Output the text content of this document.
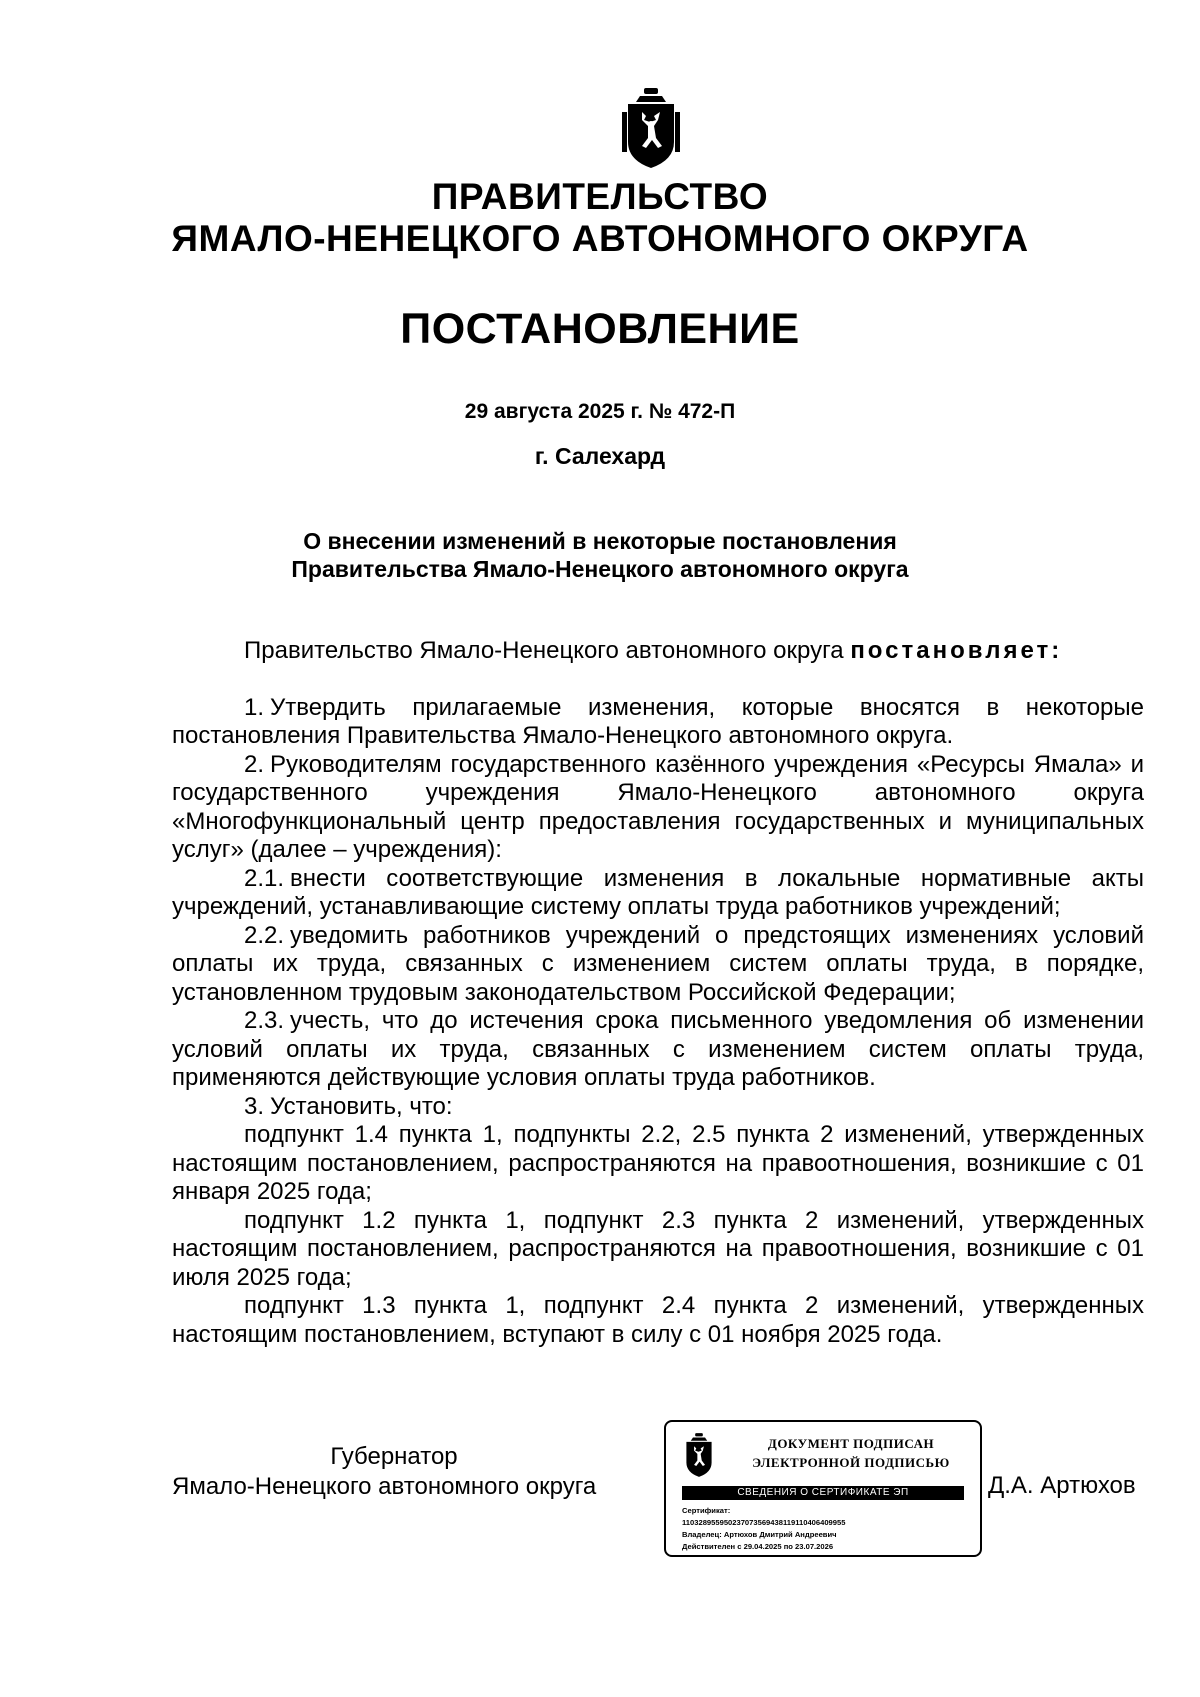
ПРАВИТЕЛЬСТВО
ЯМАЛО-НЕНЕЦКОГО АВТОНОМНОГО ОКРУГА
ПОСТАНОВЛЕНИЕ
29 августа 2025 г. № 472-П
г. Салехард
О внесении изменений в некоторые постановления
Правительства Ямало-Ненецкого автономного округа

Правительство Ямало-Ненецкого автономного округа постановляет:

1. Утвердить прилагаемые изменения, которые вносятся в некоторые постановления Правительства Ямало-Ненецкого автономного округа.

2. Руководителям государственного казённого учреждения «Ресурсы Ямала» и государственного учреждения Ямало-Ненецкого автономного округа «Многофункциональный центр предоставления государственных и муниципальных услуг» (далее – учреждения):

2.1. внести соответствующие изменения в локальные нормативные акты учреждений, устанавливающие систему оплаты труда работников учреждений;

2.2. уведомить работников учреждений о предстоящих изменениях условий оплаты их труда, связанных с изменением систем оплаты труда, в порядке, установленном трудовым законодательством Российской Федерации;

2.3. учесть, что до истечения срока письменного уведомления об изменении условий оплаты их труда, связанных с изменением систем оплаты труда, применяются действующие условия оплаты труда работников.

3. Установить, что:

подпункт 1.4 пункта 1, подпункты 2.2, 2.5 пункта 2 изменений, утвержденных настоящим постановлением, распространяются на правоотношения, возникшие с 01 января 2025 года;

подпункт 1.2 пункта 1, подпункт 2.3 пункта 2 изменений, утвержденных настоящим постановлением, распространяются на правоотношения, возникшие с 01 июля 2025 года;

подпункт 1.3 пункта 1, подпункт 2.4 пункта 2 изменений, утвержденных настоящим постановлением, вступают в силу с 01 ноября 2025 года.

Губернатор
Ямало-Ненецкого автономного округа
ДОКУМЕНТ ПОДПИСАН
ЭЛЕКТРОННОЙ ПОДПИСЬЮ
СВЕДЕНИЯ О СЕРТИФИКАТЕ ЭП
Сертификат:
110328955950237073569438119110406409955
Владелец: Артюхов Дмитрий Андреевич
Действителен с 29.04.2025 по 23.07.2026
Д.А. Артюхов
